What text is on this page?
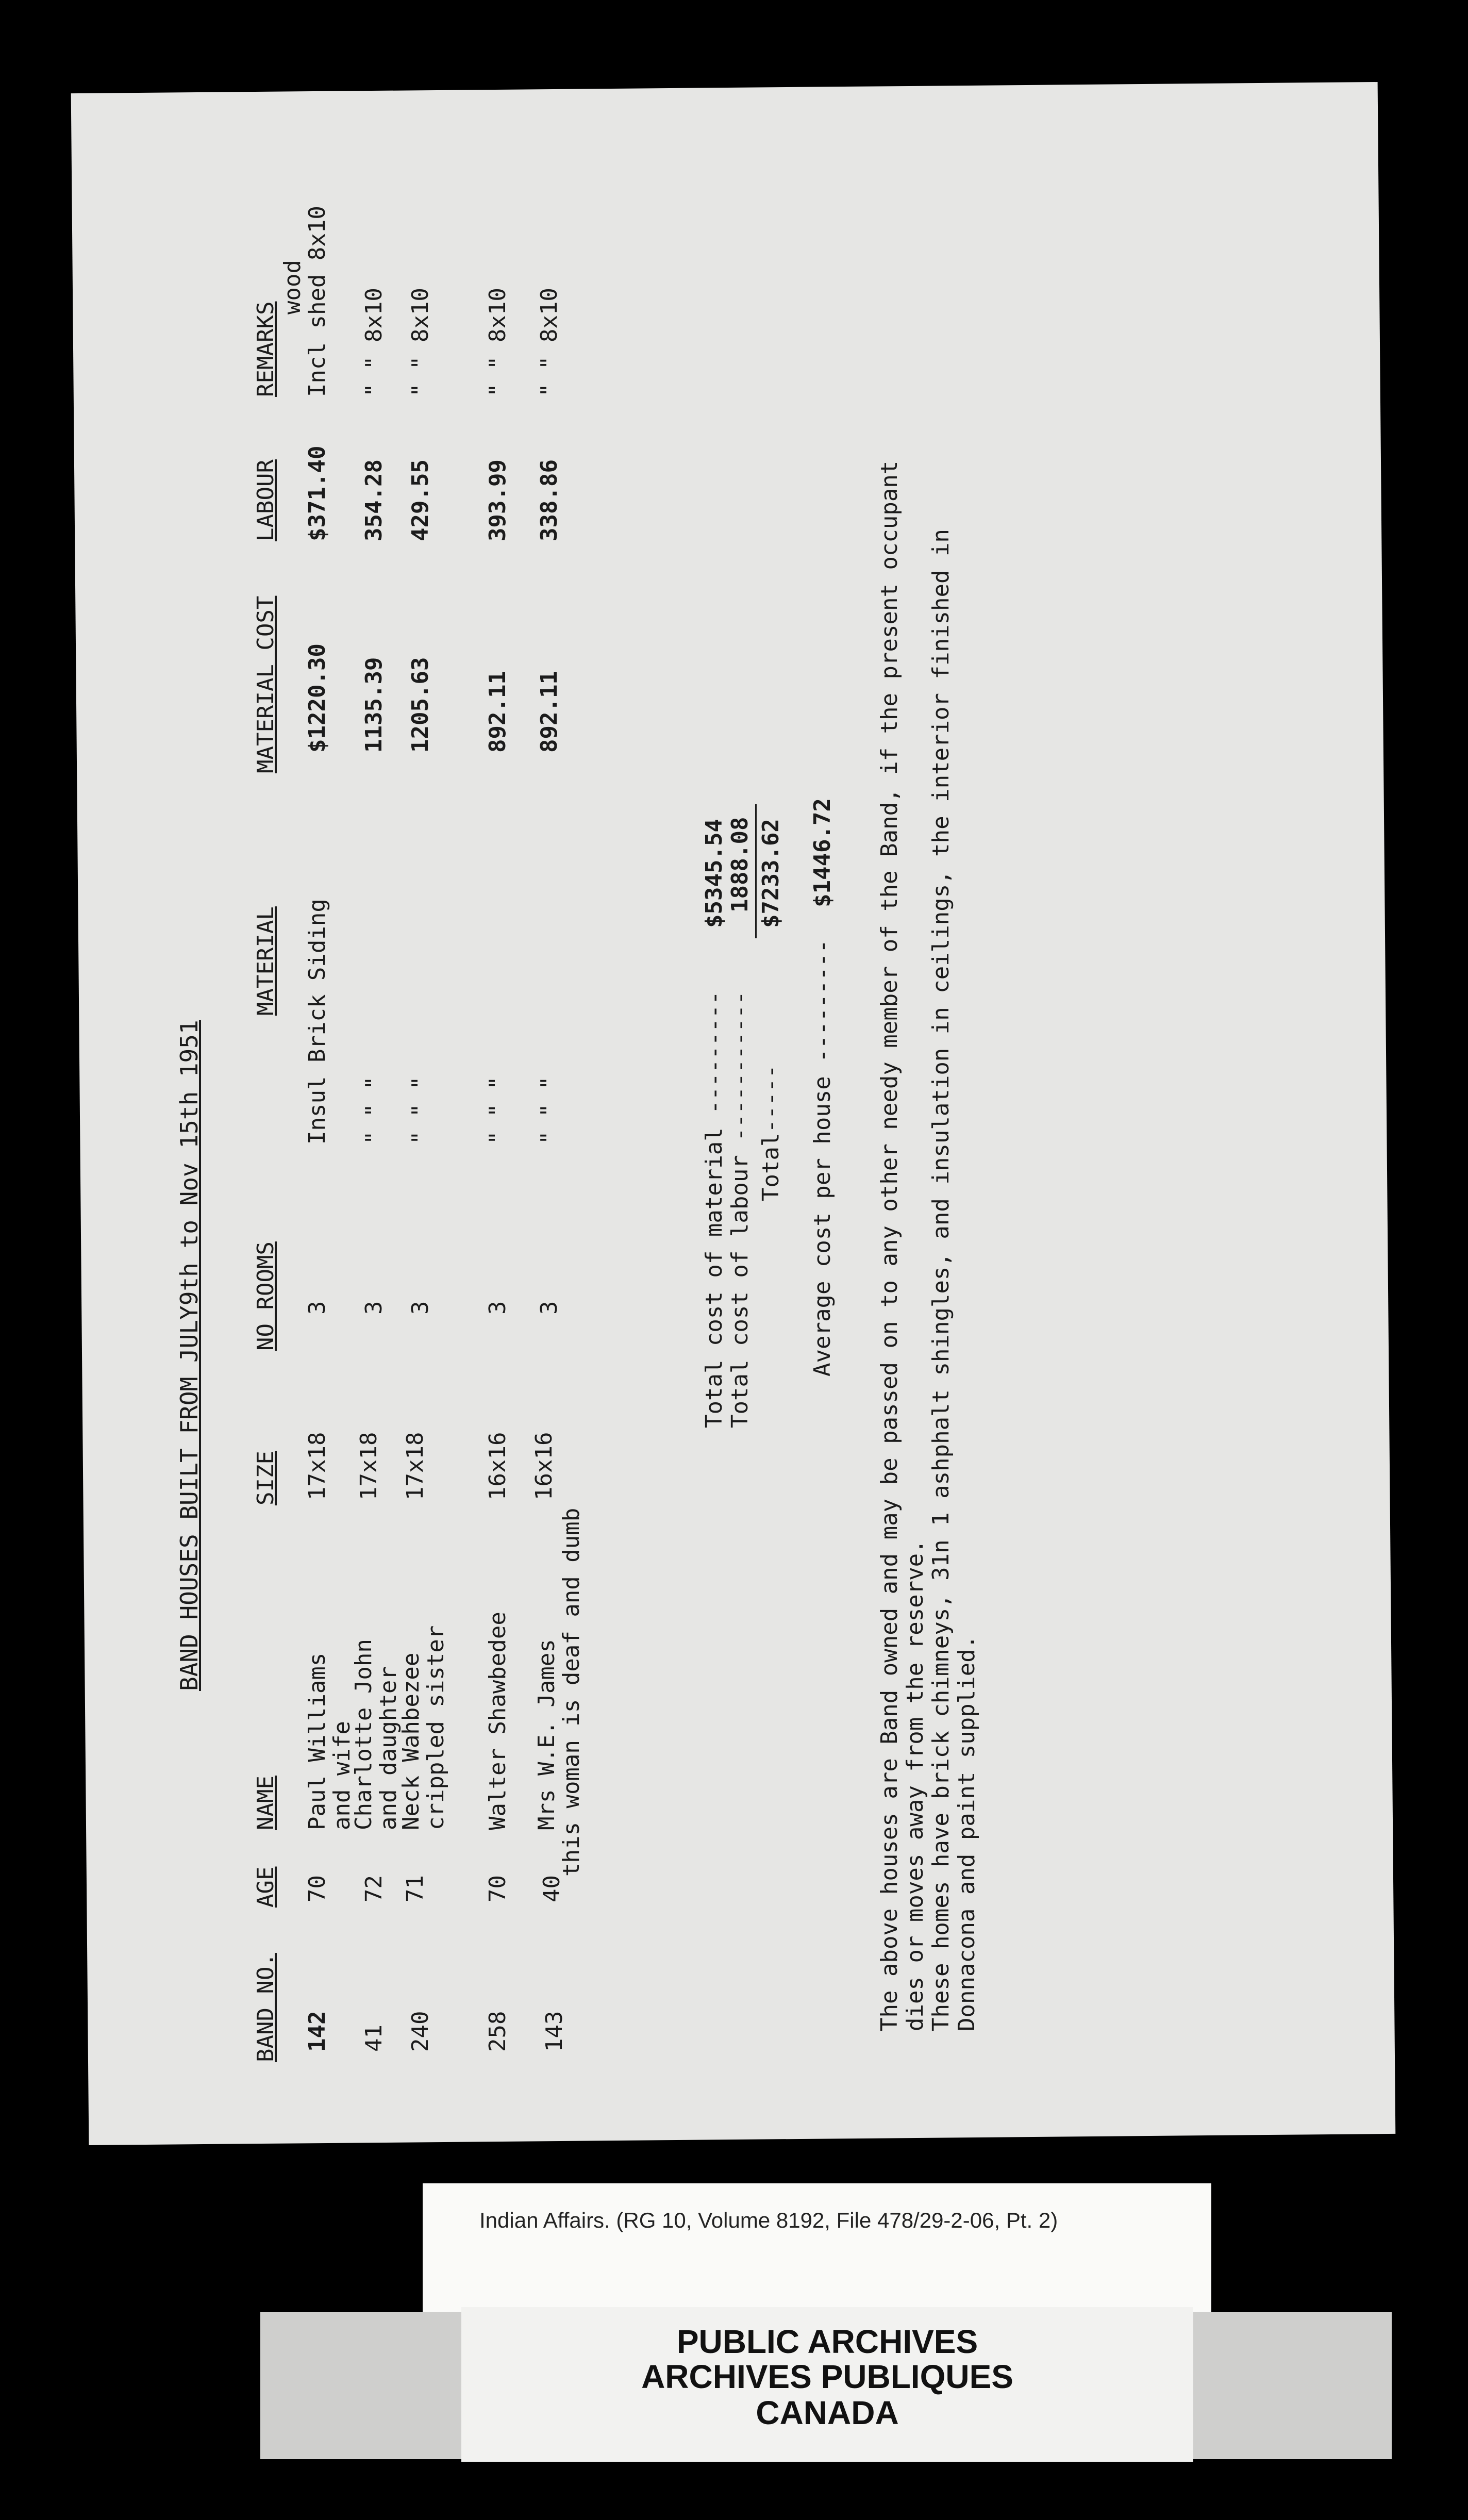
BAND HOUSES BUILT FROM JULY9th to Nov 15th 1951
BAND NO.
AGE
NAME
SIZE
NO ROOMS
MATERIAL
MATERIAL COST
LABOUR
REMARKS
142
70
Paul Williams
and wife
17x18
3
Insul Brick Siding
$1220.30
$371.40
wood
Incl shed 8x10
41
72
Charlotte John
and daughter
17x18
3
" " "
1135.39
354.28
" " 8x10
240
71
Neck Wahbezee
crippled sister
17x18
3
" " "
1205.63
429.55
" " 8x10
258
70
Walter Shawbedee
16x16
3
" " "
892.11
393.99
" " 8x10
143
40
Mrs W.E. James
this woman is deaf and dumb
16x16
3
" " "
892.11
338.86
" " 8x10
Total cost of material ---------
$5345.54
Total cost of labour -----------
1888.08
Total-----
$7233.62
Average cost per house ---------
$1446.72 The above houses are Band owned and may be passed on to any other needy member of the Band, if the present occupant dies or moves away from the reserve. These homes have brick chimneys, 31n 1 ashphalt shingles, and insulation in ceilings, the interior finished in Donnacona and paint supplied.
Indian Affairs. (RG 10, Volume 8192, File 478/29-2-06, Pt. 2)
PUBLIC ARCHIVES
ARCHIVES PUBLIQUES
CANADA
